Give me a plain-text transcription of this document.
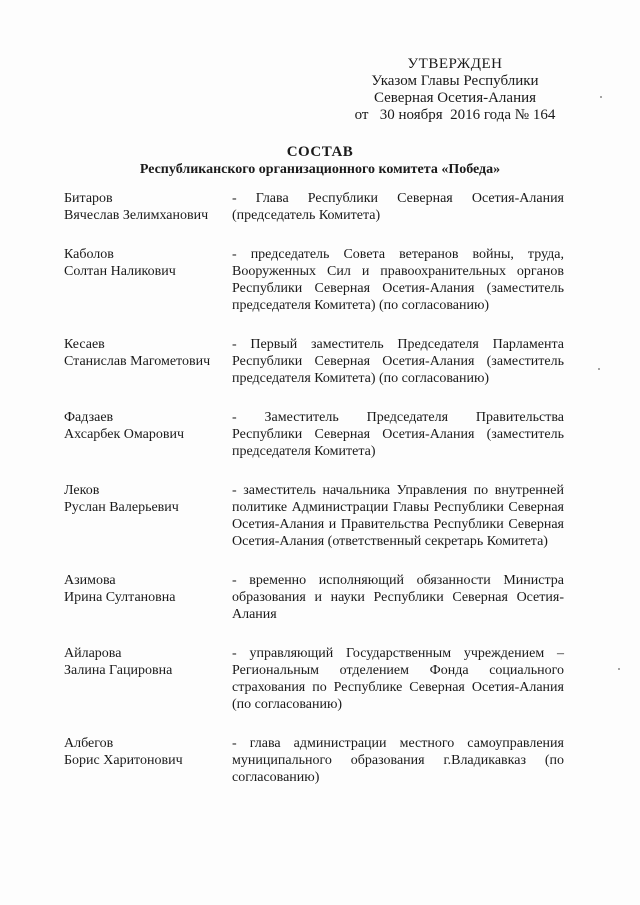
УТВЕРЖДЕН
Указом Главы Республики
Северная Осетия-Алания
от   30 ноября  2016 года № 164
СОСТАВ
Республиканского организационного комитета «Победа»
Битаров
Вячеслав Зелимханович
- Глава Республики Северная Осетия-Алания (председатель Комитета)
Каболов
Солтан Наликович
- председатель Совета ветеранов войны, труда, Вооруженных Сил и правоохранительных органов Республики Северная Осетия-Алания (заместитель председателя Комитета) (по согласованию)
Кесаев
Станислав Магометович
- Первый заместитель Председателя Парламента Республики Северная Осетия-Алания (заместитель председателя Комитета) (по согласованию)
Фадзаев
Ахсарбек Омарович
- Заместитель Председателя Правительства Республики Северная Осетия-Алания (заместитель председателя Комитета)
Леков
Руслан Валерьевич
- заместитель начальника Управления по внутренней политике Администрации Главы Республики Северная Осетия-Алания и Правительства Республики Северная Осетия-Алания (ответственный секретарь Комитета)
Азимова
Ирина Султановна
- временно исполняющий обязанности Министра образования и науки Республики Северная Осетия-Алания
Айларова
Залина Гацировна
- управляющий Государственным учреждением – Региональным отделением Фонда социального страхования по Республике Северная Осетия-Алания (по согласованию)
Албегов
Борис Харитонович
- глава администрации местного самоуправления муниципального образования г.Владикавказ (по согласованию)
